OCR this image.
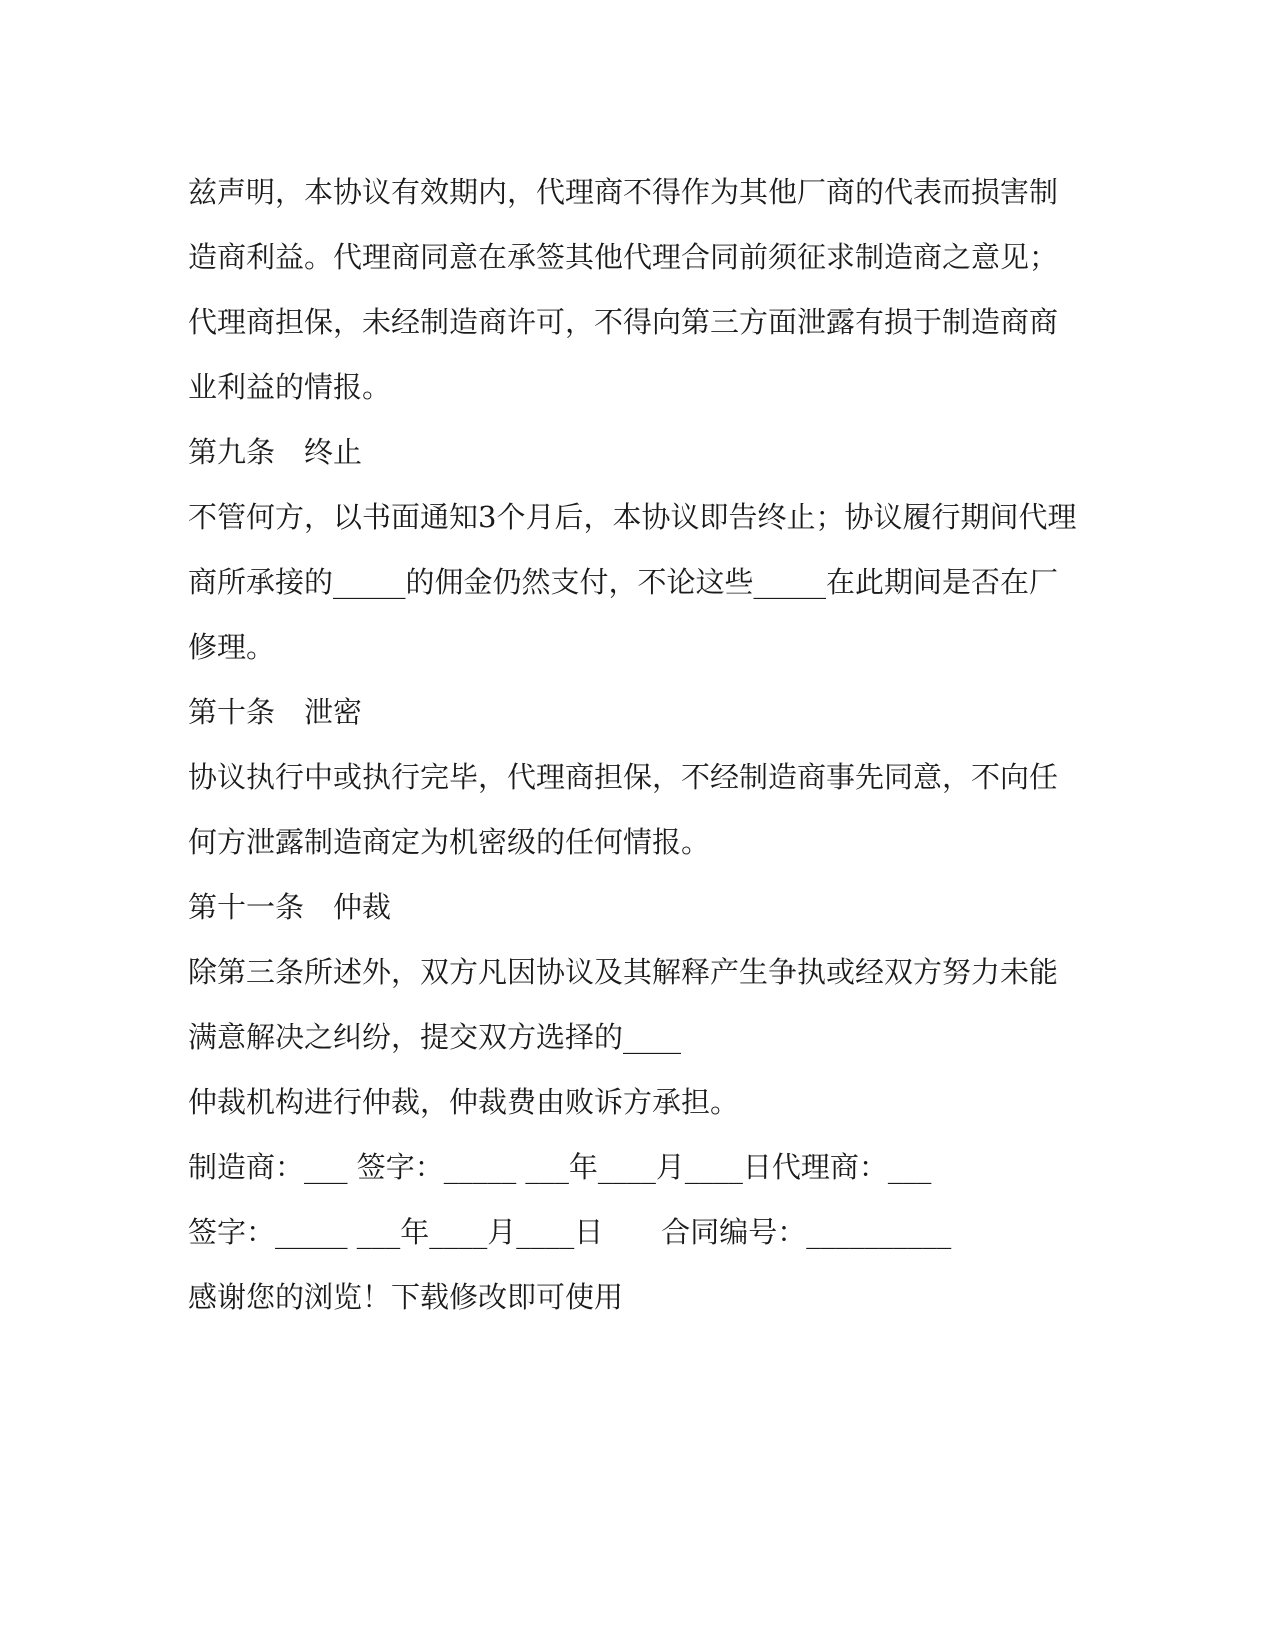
兹声明，本协议有效期内，代理商不得作为其他厂商的代表而损害制
造商利益。代理商同意在承签其他代理合同前须征求制造商之意见；
代理商担保，未经制造商许可，不得向第三方面泄露有损于制造商商
业利益的情报。
第九条　终止
不管何方，以书面通知3个月后，本协议即告终止；协议履行期间代理
商所承接的_____的佣金仍然支付，不论这些_____在此期间是否在厂
修理。
第十条　泄密
协议执行中或执行完毕，代理商担保，不经制造商事先同意，不向任
何方泄露制造商定为机密级的任何情报。
第十一条　仲裁
除第三条所述外，双方凡因协议及其解释产生争执或经双方努力未能
满意解决之纠纷，提交双方选择的____
仲裁机构进行仲裁，仲裁费由败诉方承担。
制造商：___ 签字：_____ ___年____月____日代理商：___
签字：_____ ___年____月____日　　合同编号：__________
感谢您的浏览！下载修改即可使用
